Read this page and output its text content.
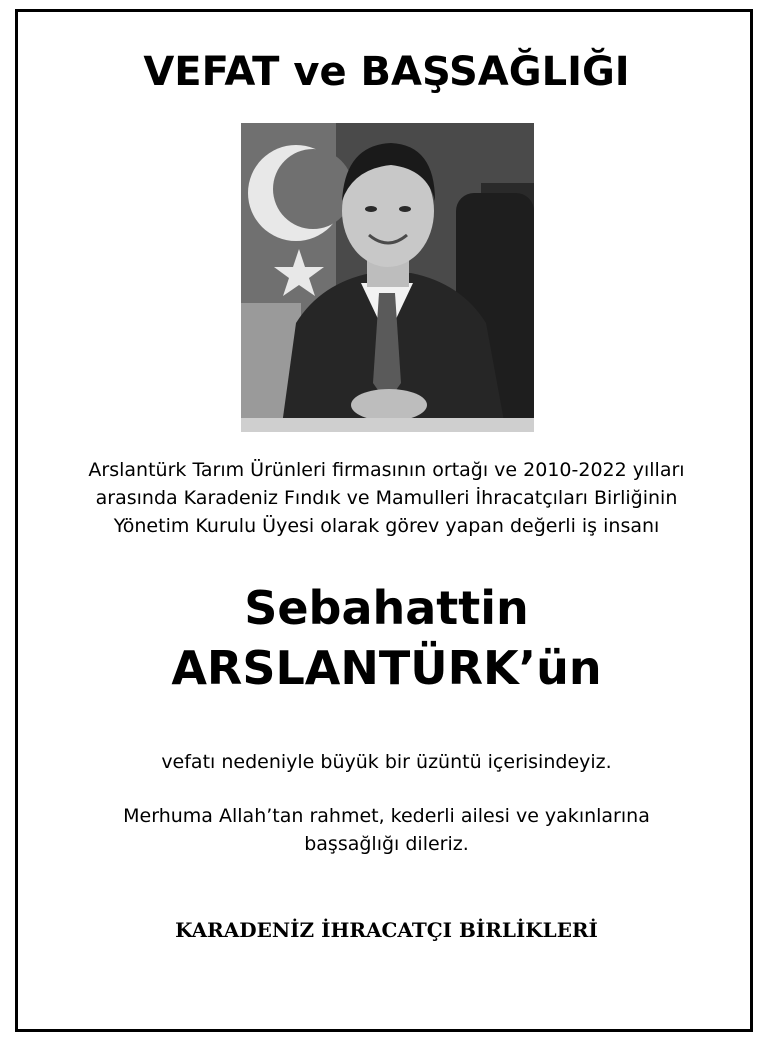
VEFAT ve BAŞSAĞLIĞI
Arslantürk Tarım Ürünleri firmasının ortağı ve 2010-2022 yılları
arasında Karadeniz Fındık ve Mamulleri İhracatçıları Birliğinin
Yönetim Kurulu Üyesi olarak görev yapan değerli iş insanı
Sebahattin
ARSLANTÜRK’ün
vefatı nedeniyle büyük bir üzüntü içerisindeyiz.
Merhuma Allah’tan rahmet, kederli ailesi ve yakınlarına
başsağlığı dileriz.
KARADENİZ İHRACATÇI BİRLİKLERİ
